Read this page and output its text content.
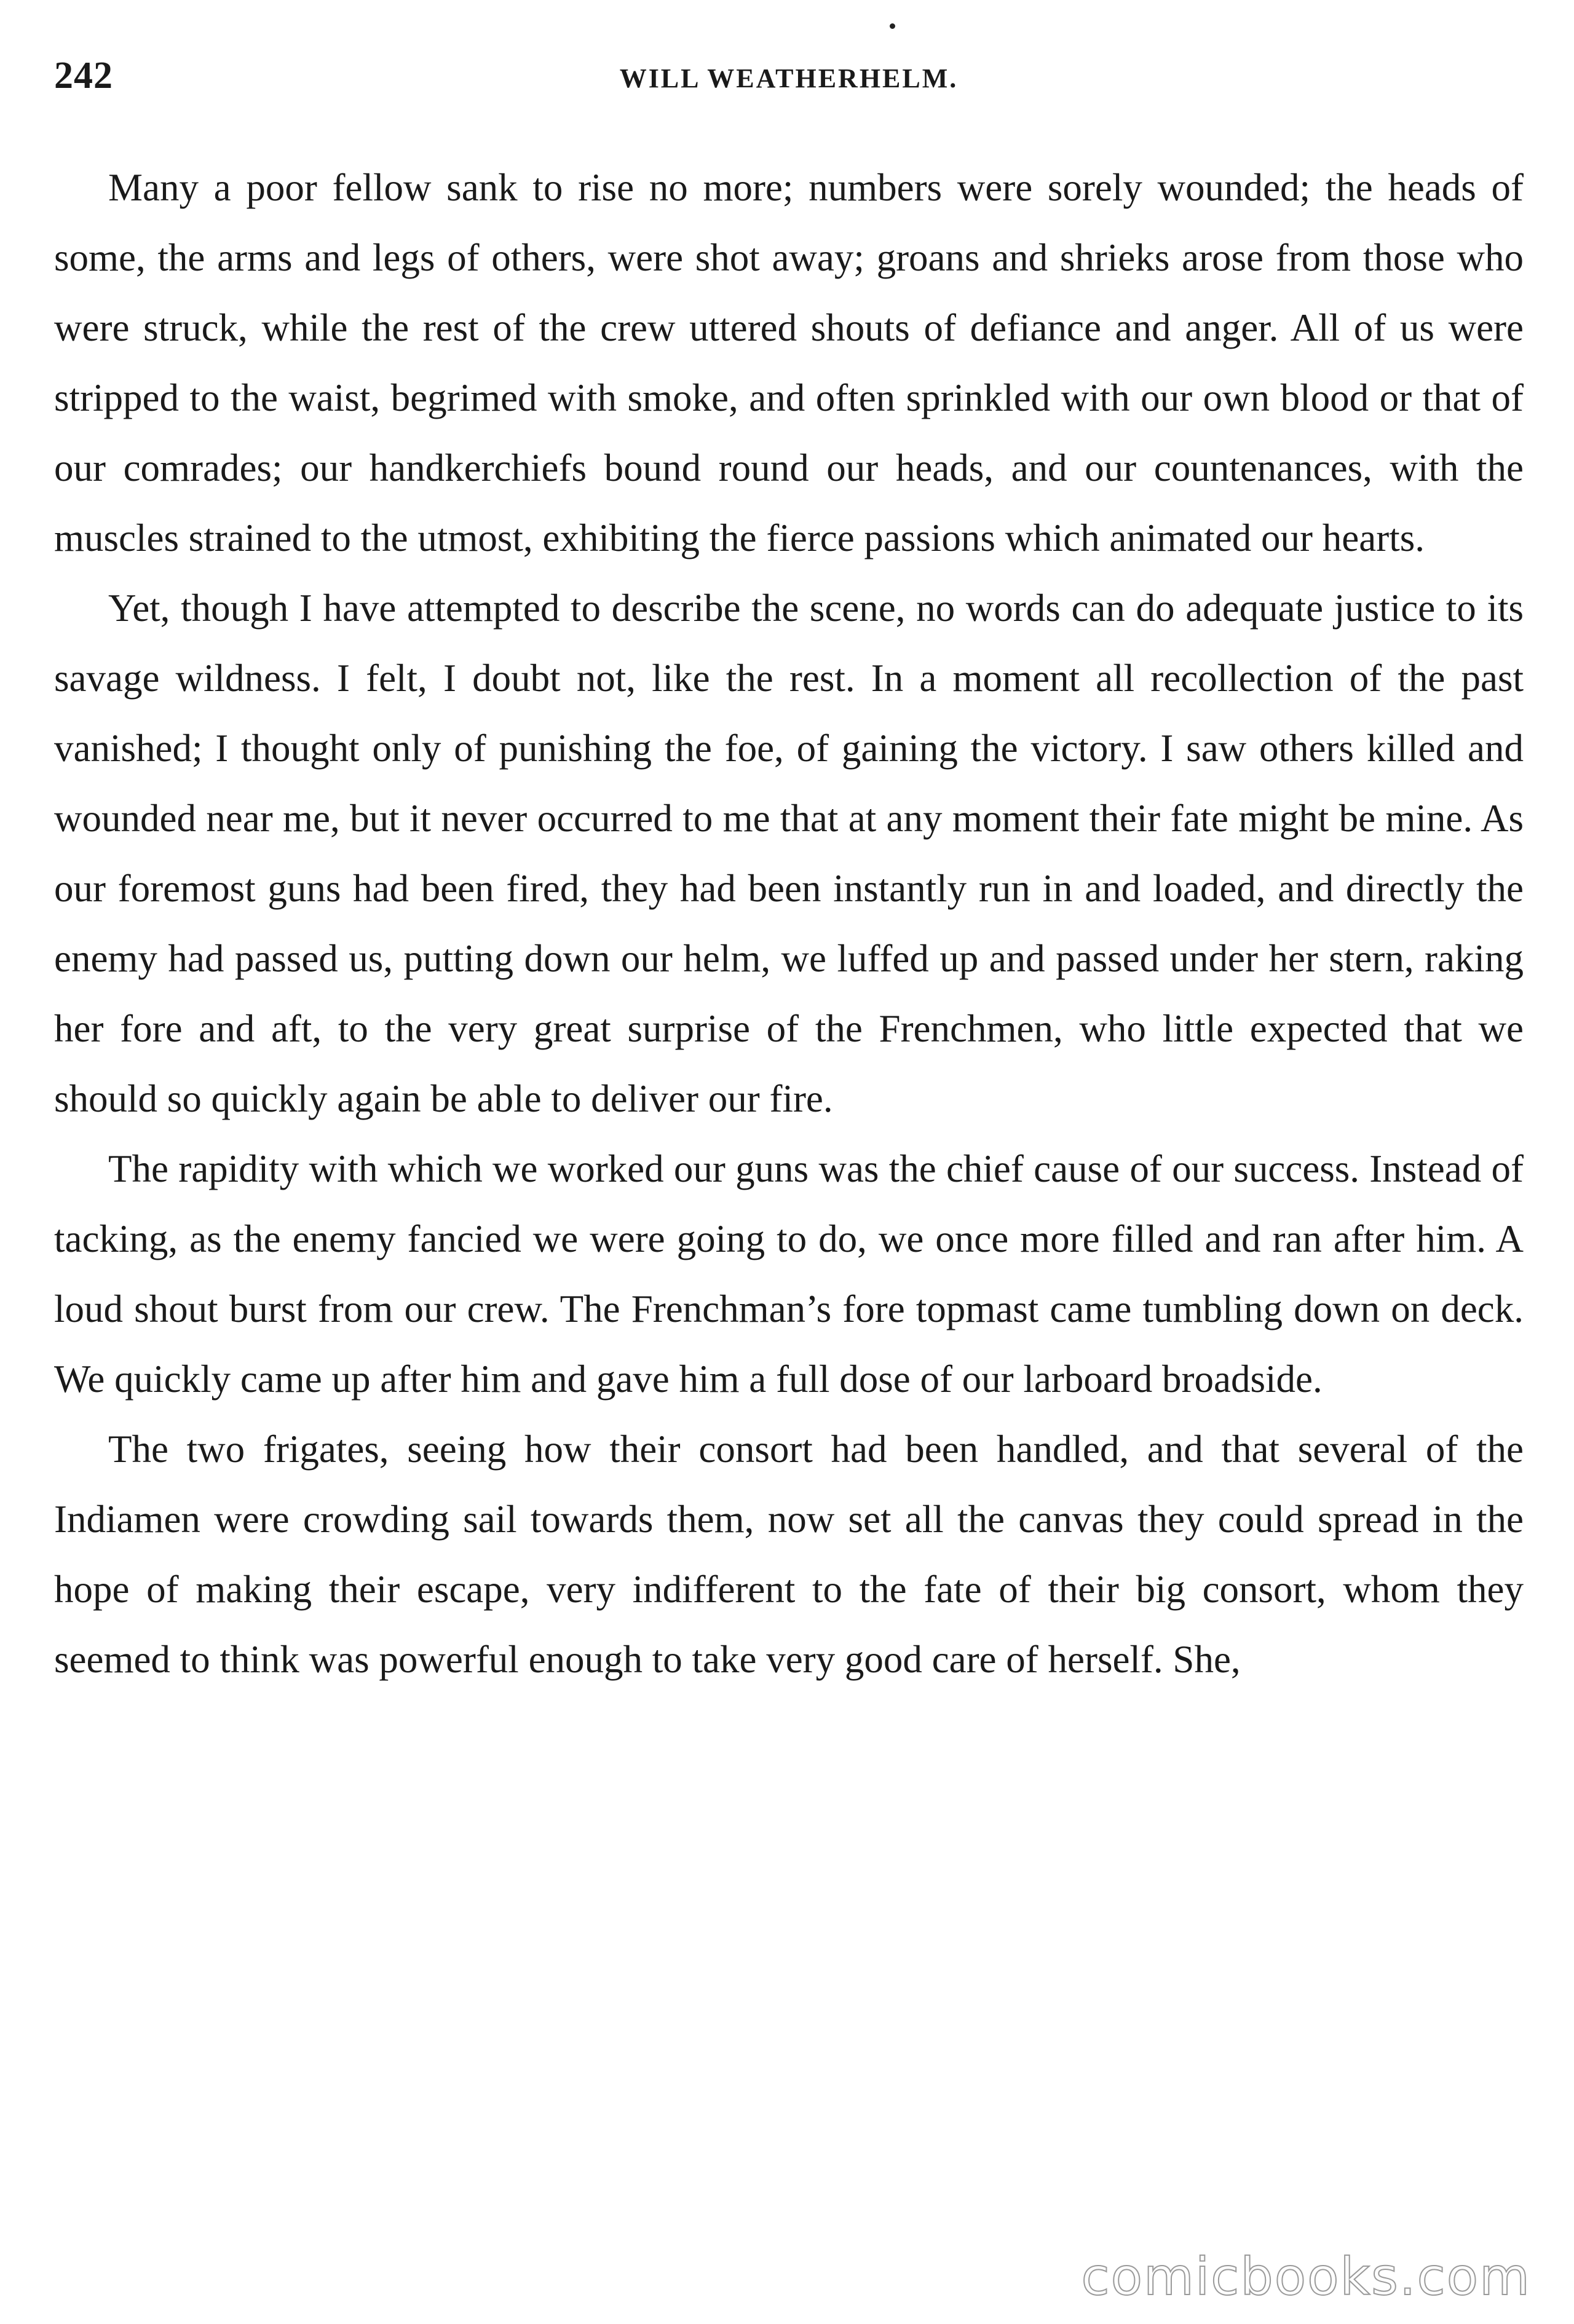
242	WILL WEATHERHELM.

Many a poor fellow sank to rise no more; numbers were sorely wounded; the heads of some, the arms and legs of others, were shot away; groans and shrieks arose from those who were struck, while the rest of the crew uttered shouts of defiance and anger. All of us were stripped to the waist, begrimed with smoke, and often sprinkled with our own blood or that of our comrades; our handkerchiefs bound round our heads, and our countenances, with the muscles strained to the utmost, exhibiting the fierce passions which animated our hearts.

Yet, though I have attempted to describe the scene, no words can do adequate justice to its savage wildness. I felt, I doubt not, like the rest. In a moment all recollection of the past vanished; I thought only of punishing the foe, of gaining the victory. I saw others killed and wounded near me, but it never occurred to me that at any moment their fate might be mine. As our foremost guns had been fired, they had been instantly run in and loaded, and directly the enemy had passed us, putting down our helm, we luffed up and passed under her stern, raking her fore and aft, to the very great surprise of the Frenchmen, who little expected that we should so quickly again be able to deliver our fire.

The rapidity with which we worked our guns was the chief cause of our success. Instead of tacking, as the enemy fancied we were going to do, we once more filled and ran after him. A loud shout burst from our crew. The Frenchman’s fore topmast came tumbling down on deck. We quickly came up after him and gave him a full dose of our larboard broadside.

The two frigates, seeing how their consort had been handled, and that several of the Indiamen were crowding sail towards them, now set all the canvas they could spread in the hope of making their escape, very indifferent to the fate of their big consort, whom they seemed to think was powerful enough to take very good care of herself. She,

comicbooks.com
